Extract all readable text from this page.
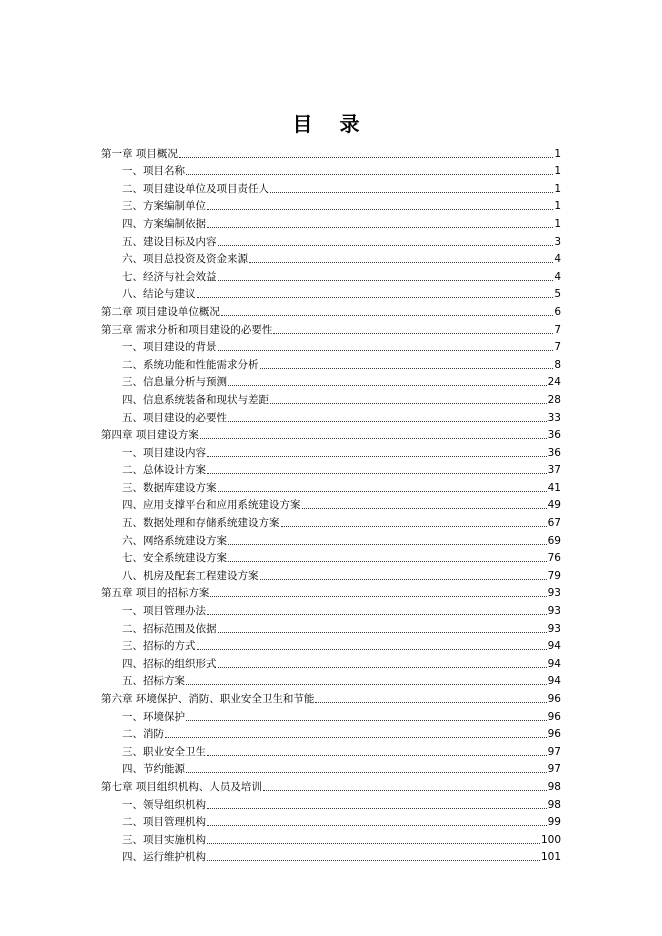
目 录
第一章 项目概况	1
一、项目名称	1
二、项目建设单位及项目责任人	1
三、方案编制单位	1
四、方案编制依据	1
五、建设目标及内容	3
六、项目总投资及资金来源	4
七、经济与社会效益	4
八、结论与建议	5
第二章 项目建设单位概况	6
第三章 需求分析和项目建设的必要性	7
一、项目建设的背景	7
二、系统功能和性能需求分析	8
三、信息量分析与预测	24
四、信息系统装备和现状与差距	28
五、项目建设的必要性	33
第四章 项目建设方案	36
一、项目建设内容	36
二、总体设计方案	37
三、数据库建设方案	41
四、应用支撑平台和应用系统建设方案	49
五、数据处理和存储系统建设方案	67
六、网络系统建设方案	69
七、安全系统建设方案	76
八、机房及配套工程建设方案	79
第五章 项目的招标方案	93
一、项目管理办法	93
二、招标范围及依据	93
三、招标的方式	94
四、招标的组织形式	94
五、招标方案	94
第六章 环境保护、消防、职业安全卫生和节能	96
一、环境保护	96
二、消防	96
三、职业安全卫生	97
四、节约能源	97
第七章 项目组织机构、人员及培训	98
一、领导组织机构	98
二、项目管理机构	99
三、项目实施机构	100
四、运行维护机构	101
